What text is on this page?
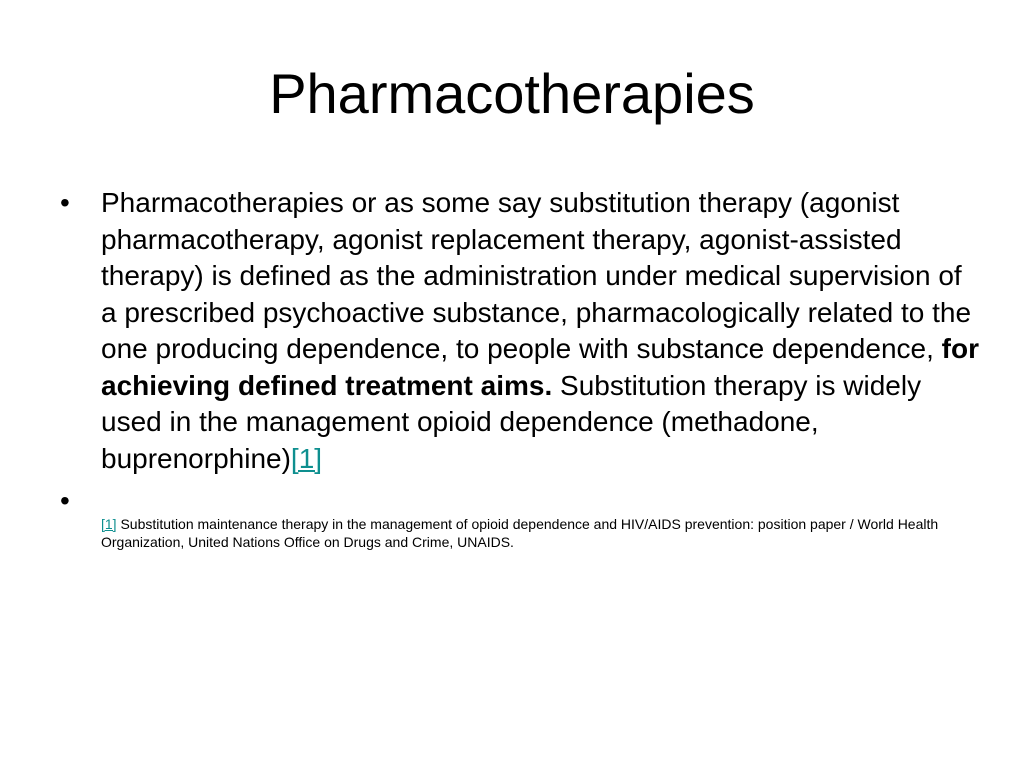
Pharmacotherapies
• Pharmacotherapies or as some say substitution therapy (agonist pharmacotherapy, agonist replacement therapy, agonist-assisted therapy) is defined as the administration under medical supervision of a prescribed psychoactive substance, pharmacologically related to the one producing dependence, to people with substance dependence, for achieving defined treatment aims. Substitution therapy is widely used in the management opioid dependence (methadone, buprenorphine)[1]
•
[1] Substitution maintenance therapy in the management of opioid dependence and HIV/AIDS prevention: position paper / World Health Organization, United Nations Office on Drugs and Crime, UNAIDS.
